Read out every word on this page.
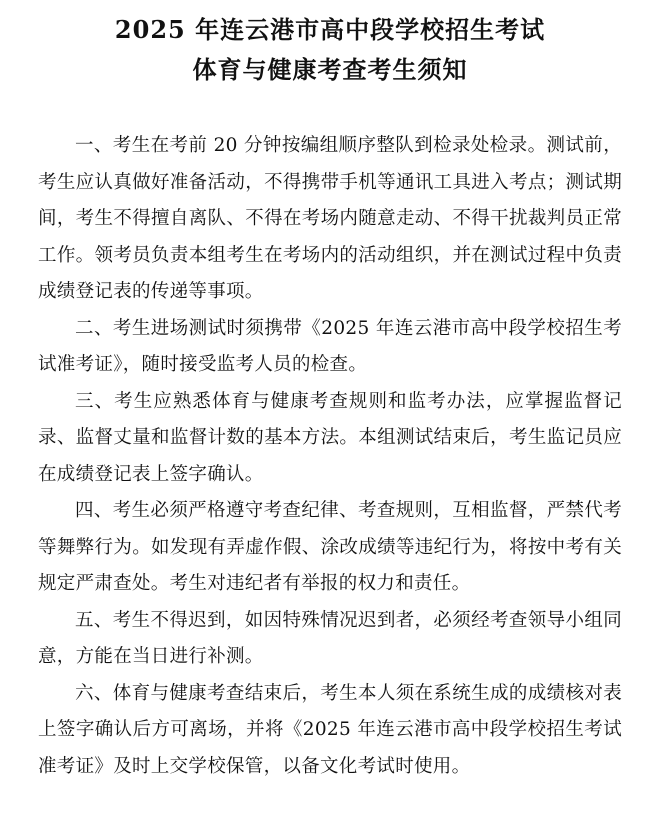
2025 年连云港市高中段学校招生考试
体育与健康考查考生须知

一、考生在考前 20 分钟按编组顺序整队到检录处检录。测试前，考生应认真做好准备活动，不得携带手机等通讯工具进入考点；测试期间，考生不得擅自离队、不得在考场内随意走动、不得干扰裁判员正常工作。领考员负责本组考生在考场内的活动组织，并在测试过程中负责成绩登记表的传递等事项。

二、考生进场测试时须携带《2025 年连云港市高中段学校招生考试准考证》，随时接受监考人员的检查。

三、考生应熟悉体育与健康考查规则和监考办法，应掌握监督记录、监督丈量和监督计数的基本方法。本组测试结束后，考生监记员应在成绩登记表上签字确认。

四、考生必须严格遵守考查纪律、考查规则，互相监督，严禁代考等舞弊行为。如发现有弄虚作假、涂改成绩等违纪行为，将按中考有关规定严肃查处。考生对违纪者有举报的权力和责任。

五、考生不得迟到，如因特殊情况迟到者，必须经考查领导小组同意，方能在当日进行补测。

六、体育与健康考查结束后，考生本人须在系统生成的成绩核对表上签字确认后方可离场，并将《2025 年连云港市高中段学校招生考试准考证》及时上交学校保管，以备文化考试时使用。
